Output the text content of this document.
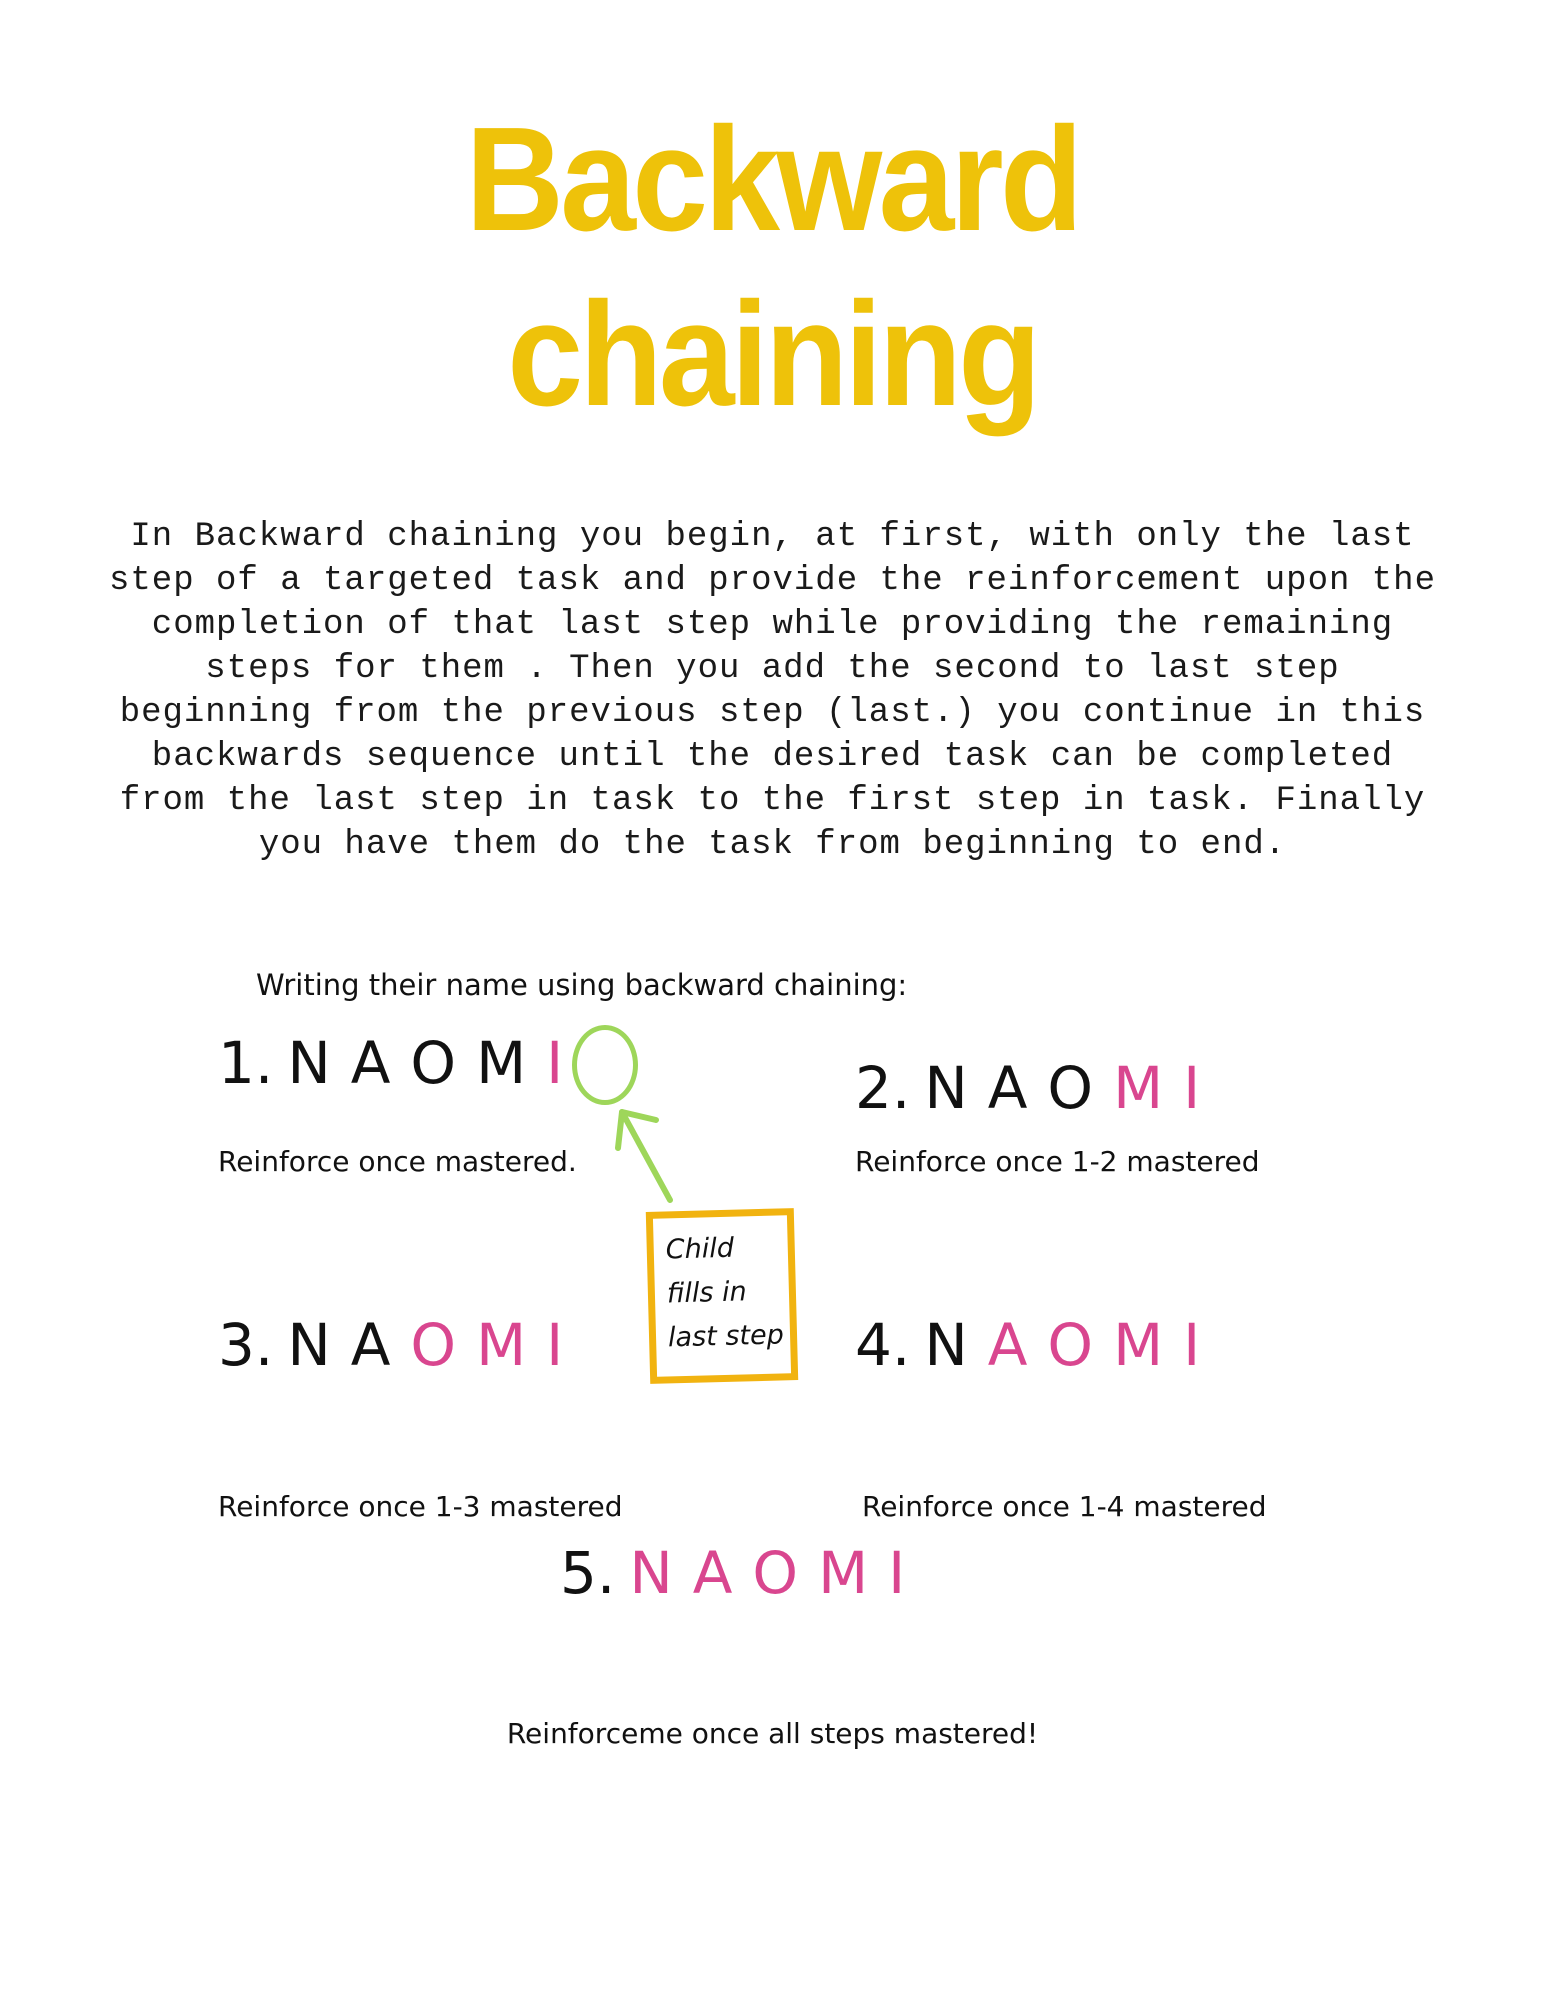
Backward
chaining
In Backward chaining you begin, at first, with only the last step of a targeted task and provide the reinforcement upon the completion of that last step while providing the remaining steps for them . Then you add the second to last step beginning from the previous step (last.) you continue in this backwards sequence until the desired task can be completed from the last step in task to the first step in task. Finally you have them do the task from beginning to end.
Writing their name using backward chaining:
1. N A O M I	2. N A O M I
3. N A O M I	4. N A O M I
5. N A O M I
Reinforce once mastered.	Reinforce once 1-2 mastered
Reinforce once 1-3 mastered	Reinforce once 1-4 mastered
Reinforceme once all steps mastered!
Child
fills in
last step
